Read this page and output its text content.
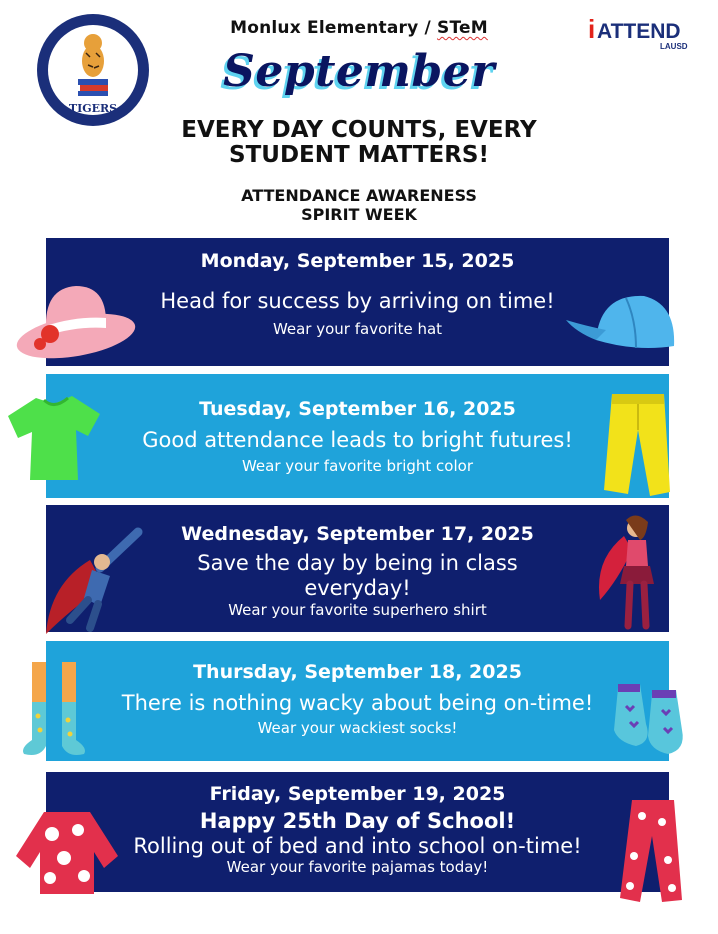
Monlux Elementary / STeM
September
EVERY DAY COUNTS, EVERY
STUDENT MATTERS!
ATTENDANCE AWARENESS
SPIRIT WEEK
TIGERS
i ATTEND
LAUSD
Monday, September 15, 2025
Head for success by arriving on time!
Wear your favorite hat
Tuesday, September 16, 2025
Good attendance leads to bright futures!
Wear your favorite bright color
Wednesday, September 17, 2025
Save the day by being in class
everyday!
Wear your favorite superhero shirt
Thursday, September 18, 2025
There is nothing wacky about being on-time!
Wear your wackiest socks!
Friday, September 19, 2025
Happy 25th Day of School!
Rolling out of bed and into school on-time!
Wear your favorite pajamas today!
